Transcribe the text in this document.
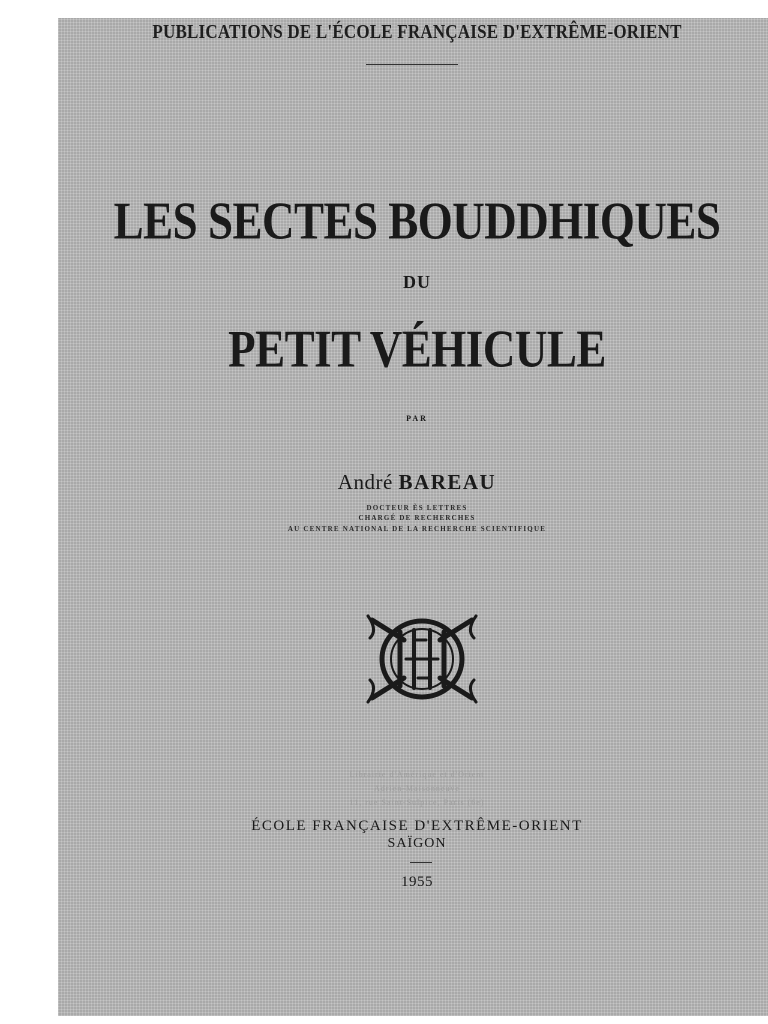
PUBLICATIONS DE L'ÉCOLE FRANÇAISE D'EXTRÊME-ORIENT
LES SECTES BOUDDHIQUES
DU
PETIT VÉHICULE
PAR
André BAREAU
DOCTEUR ÈS LETTRES
CHARGÉ DE RECHERCHES
AU CENTRE NATIONAL DE LA RECHERCHE SCIENTIFIQUE
Librairie d'Amérique et d'Orient
Adrien-Maisonneuve
11, rue Saint-Sulpice, Paris (6e)
ÉCOLE FRANÇAISE D'EXTRÊME-ORIENT
SAÏGON
1955
